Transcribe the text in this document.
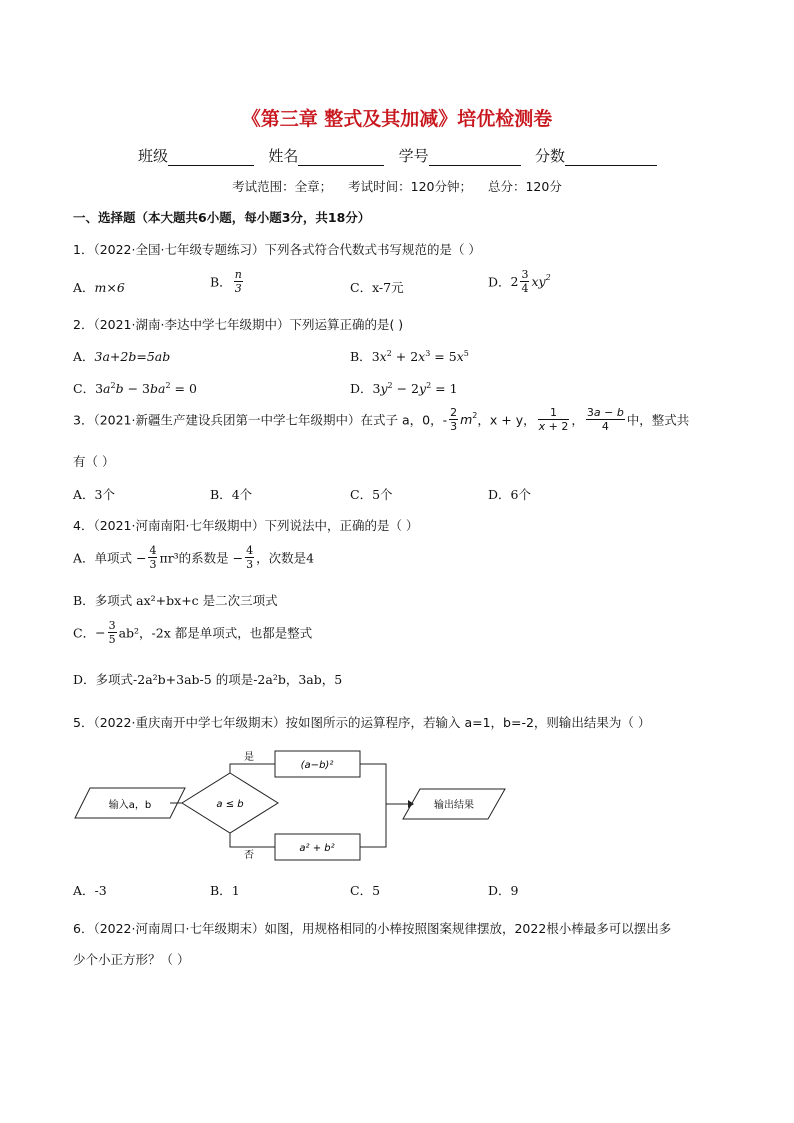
《第三章 整式及其加减》培优检测卷
班级	姓名	学号	分数
考试范围：全章； 考试时间：120分钟； 总分：120分
一、选择题（本大题共6小题，每小题3分，共18分）
1．（2022·全国·七年级专题练习）下列各式符合代数式书写规范的是（ ）
A．m×6	B． $\frac{n}{3}$	C．x-7元	D．$2 \frac{3}{4} xy^2$
2．（2021·湖南·李达中学七年级期中）下列运算正确的是( )
A．3a+2b=5ab	B．$3x^2 + 2x^3 = 5x^5$
C．$3a^2b - 3ba^2 = 0$	D．$3y^2 - 2y^2 = 1$
3．（2021·新疆生产建设兵团第一中学七年级期中）在式子 a，0，- $\frac{2}{3} m^2$，x + y， $\frac{1}{x + 2}$ ， $\frac{3a - b}{4}$ 中，整式共
有（ ）
A．3个	B．4个	C．5个	D．6个
4．（2021·河南南阳·七年级期中）下列说法中，正确的是（ ）
A．单项式 − $\frac{4}{3} \pi r^3$的系数是 − $\frac{4}{3}$ ，次数是4
B．多项式 ax²+bx+c 是二次三项式
C．− $\frac{3}{5} ab^2$，-2x 都是单项式，也都是整式
D．多项式-2a²b+3ab-5 的项是-2a²b，3ab，5
5．（2022·重庆南开中学七年级期末）按如图所示的运算程序，若输入 a=1，b=-2，则输出结果为（ ）
输入a，b	a ≤ b
是
否
(a−b)²
a² + b²
输出结果
A．-3	B．1	C．5	D．9
6．（2022·河南周口·七年级期末）如图，用规格相同的小棒按照图案规律摆放，2022根小棒最多可以摆出多
少个小正方形？（ ）
